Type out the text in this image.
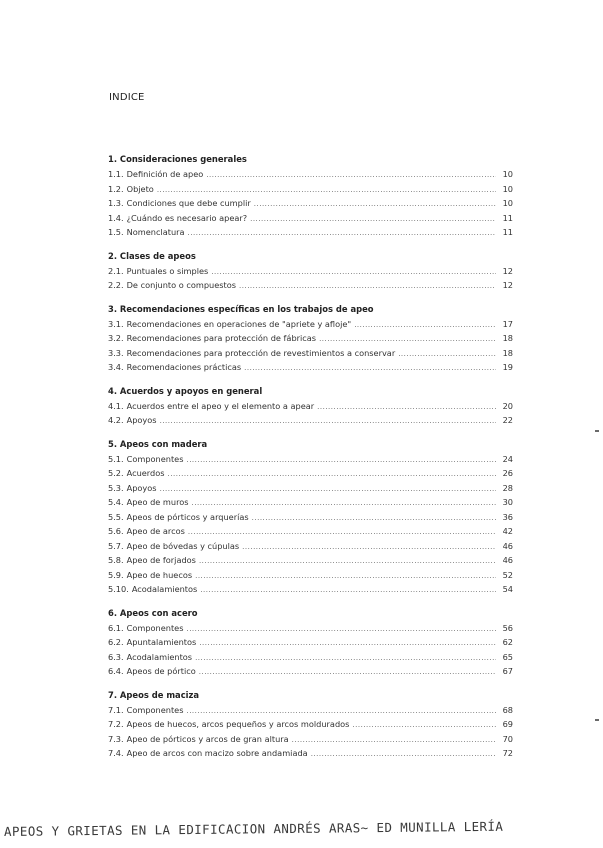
INDICE
1. Consideraciones generales
1.1. Definición de apeo .....	10
1.2. Objeto .....	10
1.3. Condiciones que debe cumplir .....	10
1.4. ¿Cuándo es necesario apear? .....	11
1.5. Nomenclatura .....	11
2. Clases de apeos
2.1. Puntuales o simples .....	12
2.2. De conjunto o compuestos .....	12
3. Recomendaciones específicas en los trabajos de apeo
3.1. Recomendaciones en operaciones de "apriete y afloje" .....	17
3.2. Recomendaciones para protección de fábricas .....	18
3.3. Recomendaciones para protección de revestimientos a conservar .....	18
3.4. Recomendaciones prácticas .....	19
4. Acuerdos y apoyos en general
4.1. Acuerdos entre el apeo y el elemento a apear .....	20
4.2. Apoyos .....	22
5. Apeos con madera
5.1. Componentes .....	24
5.2. Acuerdos .....	26
5.3. Apoyos .....	28
5.4. Apeo de muros .....	30
5.5. Apeos de pórticos y arquerías .....	36
5.6. Apeo de arcos .....	42
5.7. Apeo de bóvedas y cúpulas .....	46
5.8. Apeo de forjados .....	46
5.9. Apeo de huecos .....	52
5.10. Acodalamientos .....	54
6. Apeos con acero
6.1. Componentes .....	56
6.2. Apuntalamientos .....	62
6.3. Acodalamientos .....	65
6.4. Apeos de pórtico .....	67
7. Apeos de maciza
7.1. Componentes .....	68
7.2. Apeos de huecos, arcos pequeños y arcos moldurados .....	69
7.3. Apeo de pórticos y arcos de gran altura .....	70
7.4. Apeo de arcos con macizo sobre andamiada .....	72
APEOS Y GRIETAS EN LA EDIFICACION ANDRÉS ARAS~ ED MUNILLA LERÍA
